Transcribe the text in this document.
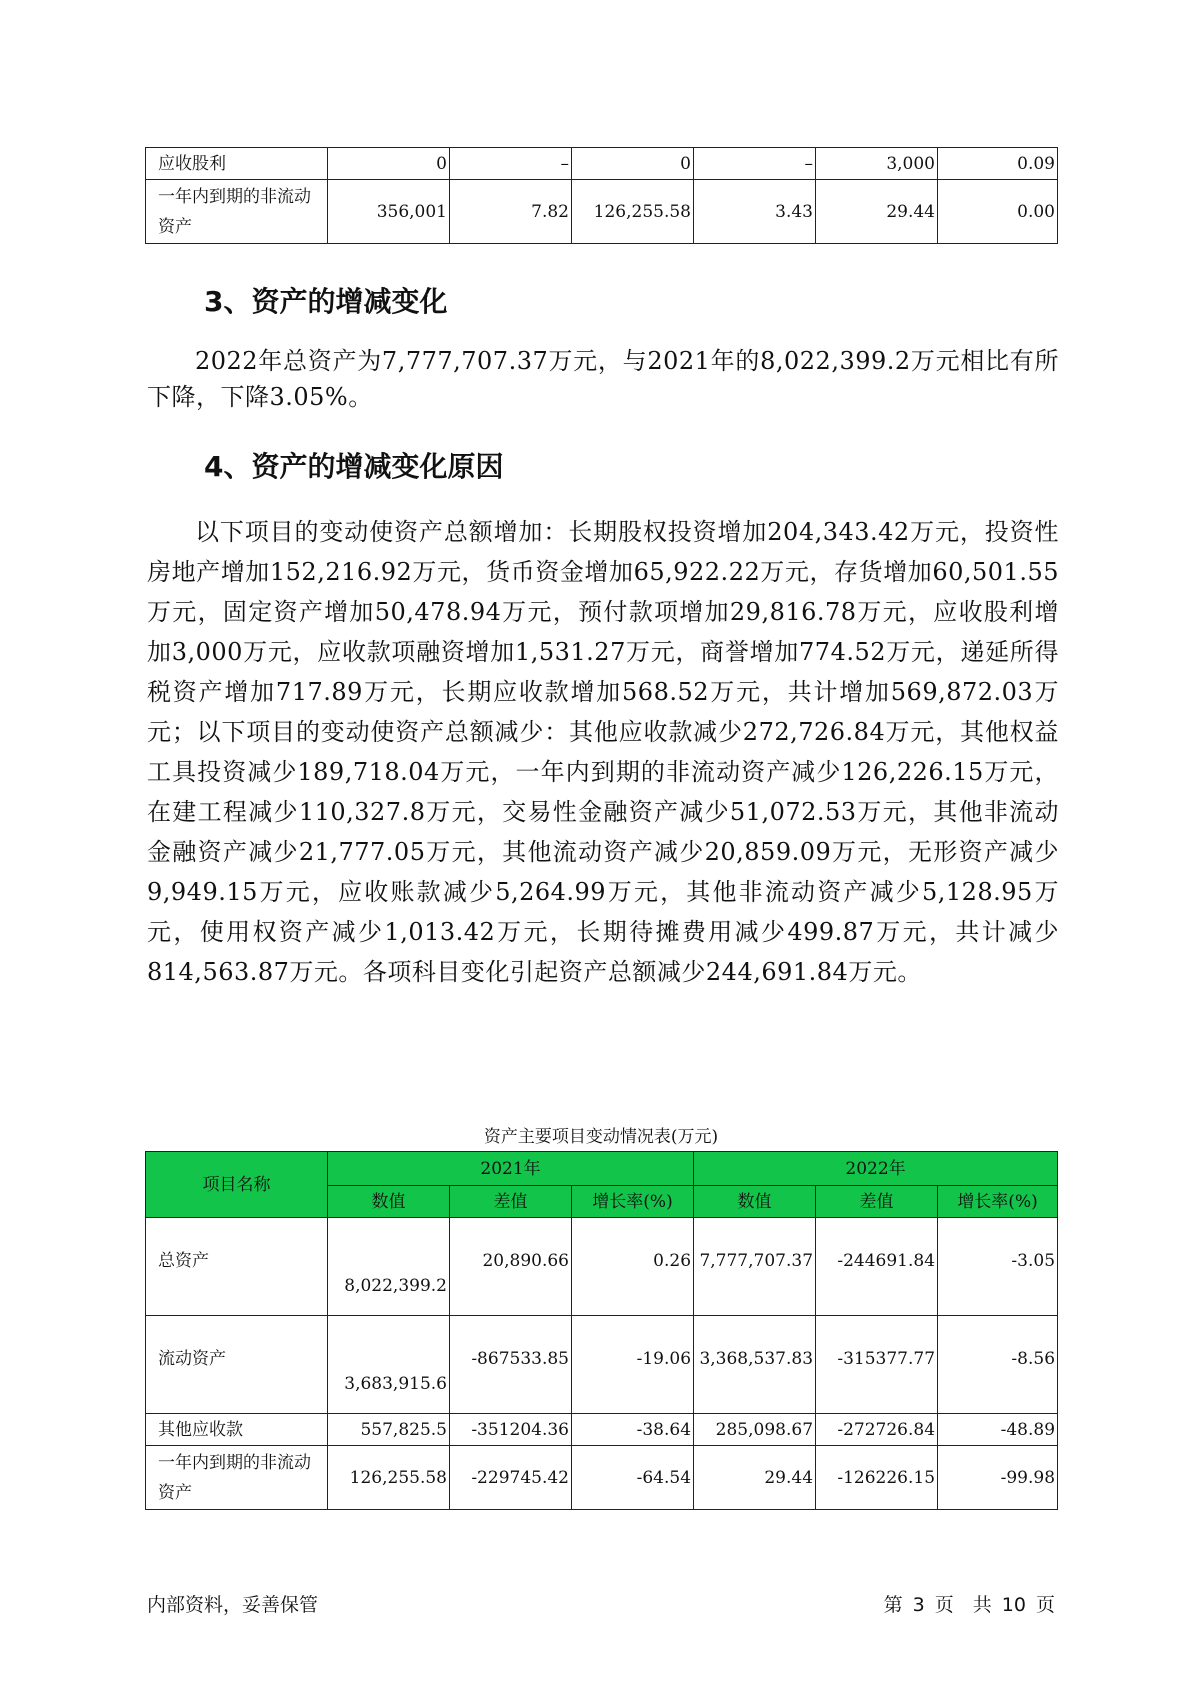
应收股利	0	–	0	–	3,000	0.09
一年内到期的非流动资产	356,001	7.82	126,255.58	3.43	29.44	0.00
3、资产的增减变化
2022年总资产为7,777,707.37万元，与2021年的8,022,399.2万元相比有所下降，下降3.05%。
4、资产的增减变化原因
以下项目的变动使资产总额增加：长期股权投资增加204,343.42万元，投资性房地产增加152,216.92万元，货币资金增加65,922.22万元，存货增加60,501.55万元，固定资产增加50,478.94万元，预付款项增加29,816.78万元，应收股利增加3,000万元，应收款项融资增加1,531.27万元，商誉增加774.52万元，递延所得税资产增加717.89万元，长期应收款增加568.52万元，共计增加569,872.03万元；以下项目的变动使资产总额减少：其他应收款减少272,726.84万元，其他权益工具投资减少189,718.04万元，一年内到期的非流动资产减少126,226.15万元，在建工程减少110,327.8万元，交易性金融资产减少51,072.53万元，其他非流动金融资产减少21,777.05万元，其他流动资产减少20,859.09万元，无形资产减少9,949.15万元，应收账款减少5,264.99万元，其他非流动资产减少5,128.95万元，使用权资产减少1,013.42万元，长期待摊费用减少499.87万元，共计减少814,563.87万元。各项科目变化引起资产总额减少244,691.84万元。
资产主要项目变动情况表(万元)
项目名称	2021年			2022年		
	数值	差值	增长率(%)	数值	差值	增长率(%)
总资产	8,022,399.2	20,890.66	0.26	7,777,707.37	-244691.84	-3.05
流动资产	3,683,915.6	-867533.85	-19.06	3,368,537.83	-315377.77	-8.56
其他应收款	557,825.5	-351204.36	-38.64	285,098.67	-272726.84	-48.89
一年内到期的非流动资产	126,255.58	-229745.42	-64.54	29.44	-126226.15	-99.98
内部资料，妥善保管	第 3 页　共 10 页
